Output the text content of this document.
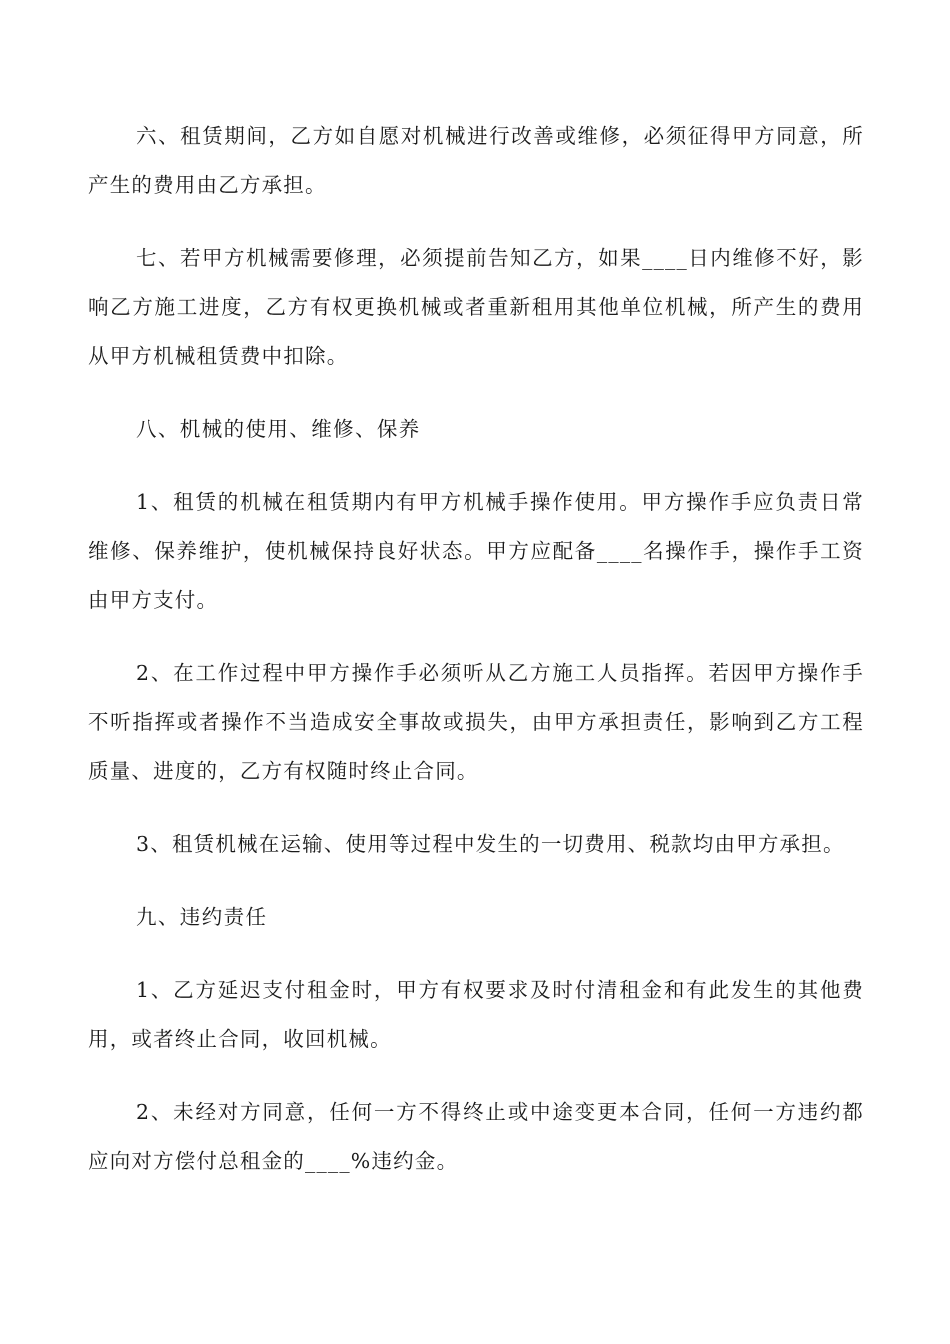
六、租赁期间，乙方如自愿对机械进行改善或维修，必须征得甲方同意，所产生的费用由乙方承担。

七、若甲方机械需要修理，必须提前告知乙方，如果____日内维修不好，影响乙方施工进度，乙方有权更换机械或者重新租用其他单位机械，所产生的费用从甲方机械租赁费中扣除。

八、机械的使用、维修、保养

1、租赁的机械在租赁期内有甲方机械手操作使用。甲方操作手应负责日常维修、保养维护，使机械保持良好状态。甲方应配备____名操作手，操作手工资由甲方支付。

2、在工作过程中甲方操作手必须听从乙方施工人员指挥。若因甲方操作手不听指挥或者操作不当造成安全事故或损失，由甲方承担责任，影响到乙方工程质量、进度的，乙方有权随时终止合同。

3、租赁机械在运输、使用等过程中发生的一切费用、税款均由甲方承担。

九、违约责任

1、乙方延迟支付租金时，甲方有权要求及时付清租金和有此发生的其他费用，或者终止合同，收回机械。

2、未经对方同意，任何一方不得终止或中途变更本合同，任何一方违约都应向对方偿付总租金的____%违约金。
